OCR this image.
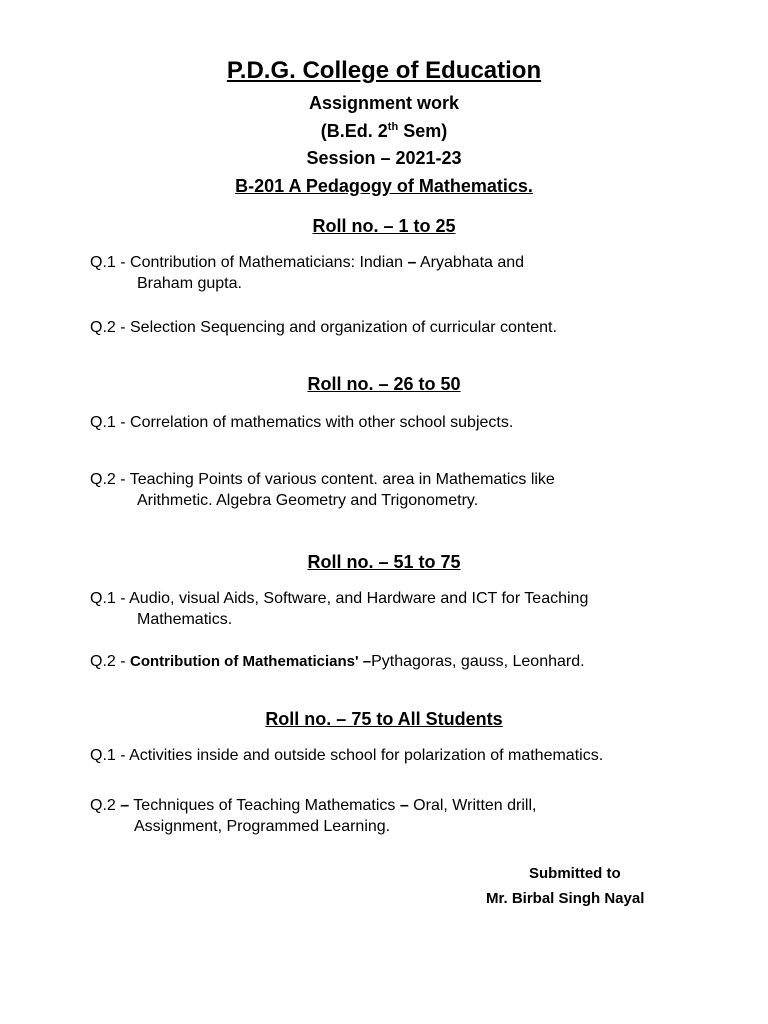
P.D.G. College of Education
Assignment work
(B.Ed. 2th Sem)
Session – 2021-23
B-201 A Pedagogy of Mathematics.
Roll no. – 1 to 25
Q.1 - Contribution of Mathematicians: Indian – Aryabhata and
Braham gupta.
Q.2 - Selection Sequencing and organization of curricular content.
Roll no. – 26 to 50
Q.1 - Correlation of mathematics with other school subjects.
Q.2 - Teaching Points of various content. area in Mathematics like
Arithmetic. Algebra Geometry and Trigonometry.
Roll no. – 51 to 75
Q.1 - Audio, visual Aids, Software, and Hardware and ICT for Teaching
Mathematics.
Q.2 - Contribution of Mathematicians' –Pythagoras, gauss, Leonhard.
Roll no. – 75 to All Students
Q.1 - Activities inside and outside school for polarization of mathematics.
Q.2 – Techniques of Teaching Mathematics – Oral, Written drill,
Assignment, Programmed Learning.
Submitted to
Mr. Birbal Singh Nayal
